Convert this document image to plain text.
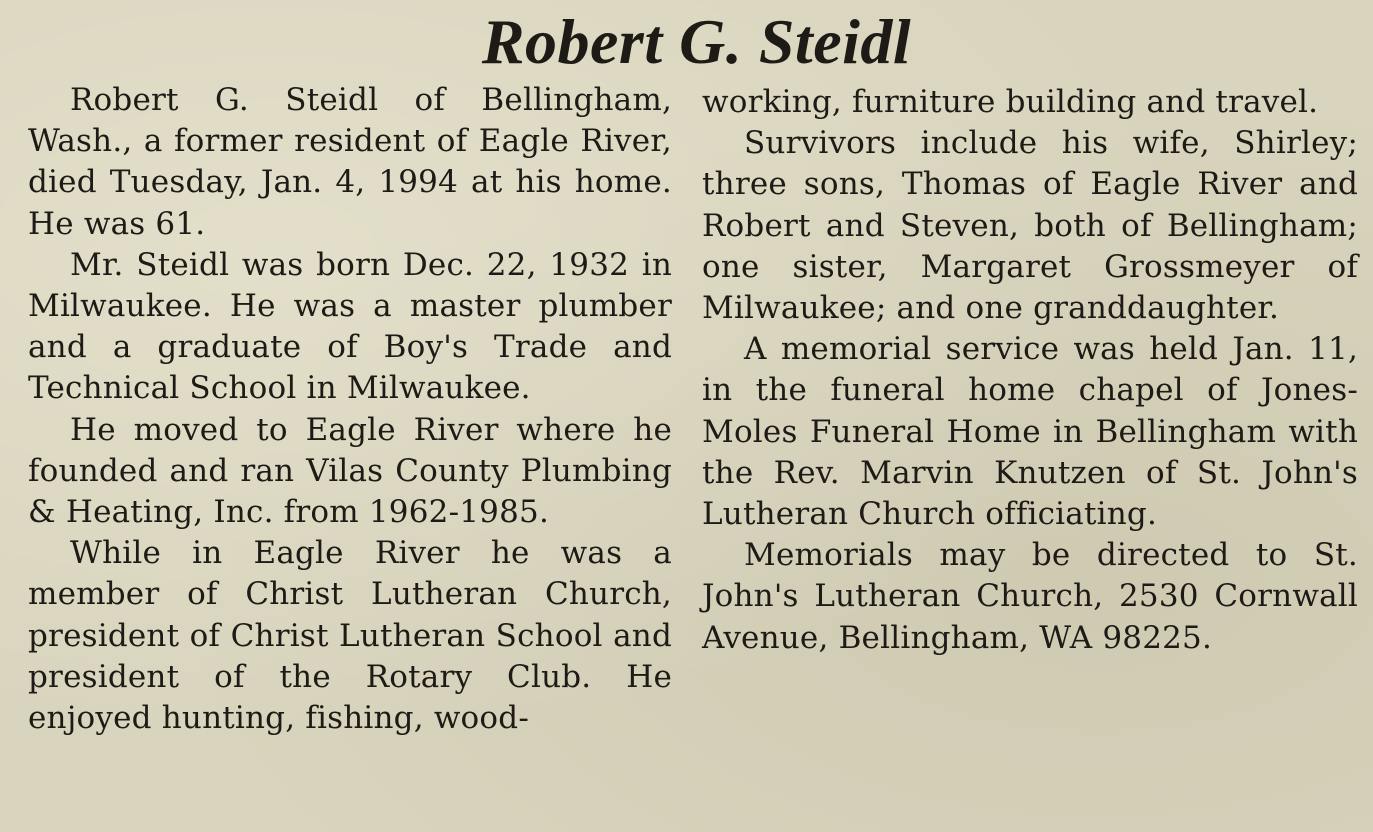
Robert G. Steidl

Robert G. Steidl of Bellingham, Wash., a former resident of Eagle River, died Tuesday, Jan. 4, 1994 at his home. He was 61.

Mr. Steidl was born Dec. 22, 1932 in Milwaukee. He was a master plumber and a graduate of Boy's Trade and Technical School in Milwaukee.

He moved to Eagle River where he founded and ran Vilas County Plumbing & Heating, Inc. from 1962-1985.

While in Eagle River he was a member of Christ Lutheran Church, president of Christ Lutheran School and president of the Rotary Club. He enjoyed hunting, fishing, wood-

working, furniture building and travel.

Survivors include his wife, Shirley; three sons, Thomas of Eagle River and Robert and Steven, both of Bellingham; one sister, Margaret Grossmeyer of Milwaukee; and one granddaughter.

A memorial service was held Jan. 11, in the funeral home chapel of Jones-Moles Funeral Home in Bellingham with the Rev. Marvin Knutzen of St. John's Lutheran Church officiating.

Memorials may be directed to St. John's Lutheran Church, 2530 Cornwall Avenue, Bellingham, WA 98225.
